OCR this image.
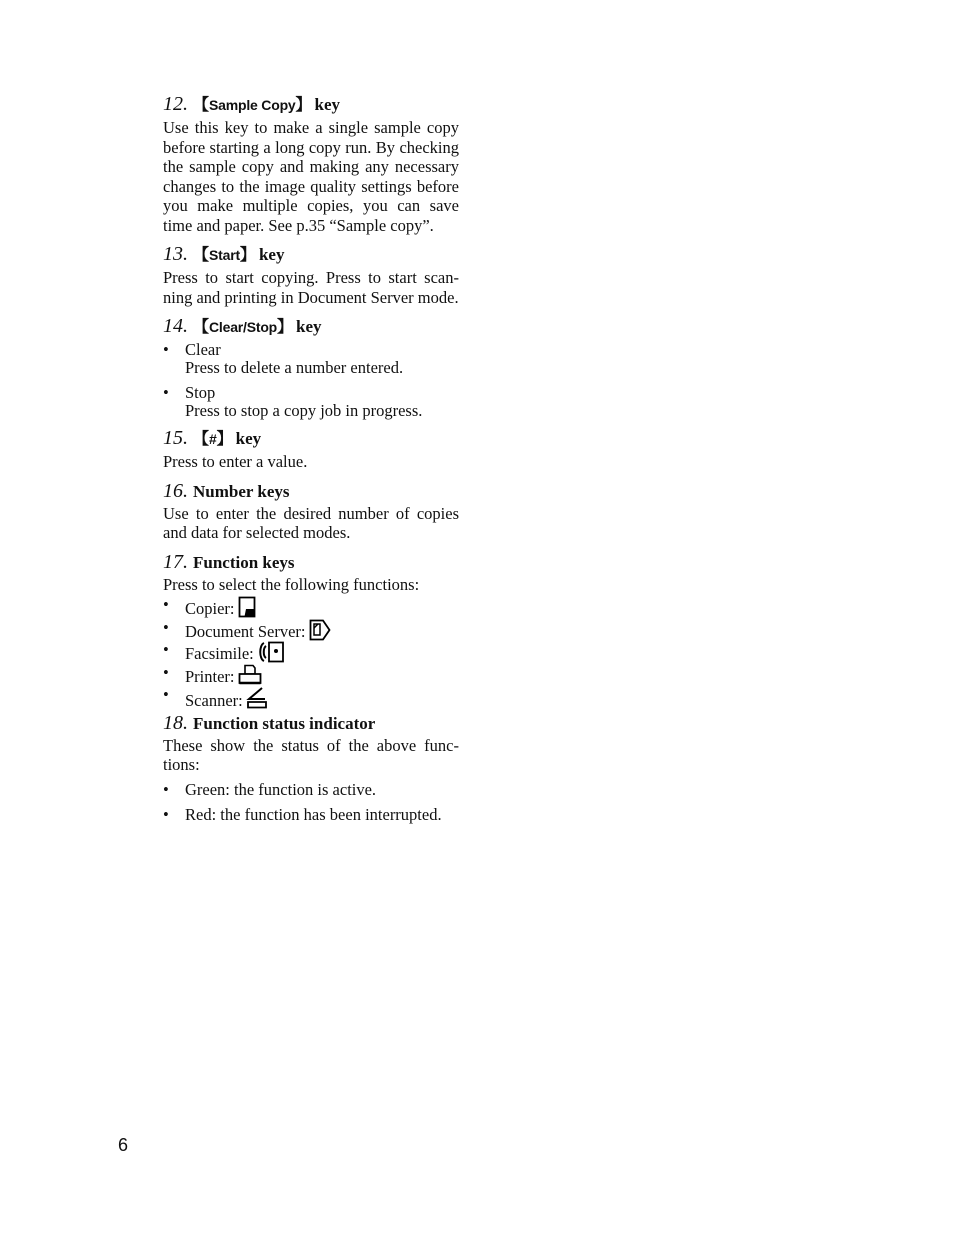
12. 【Sample Copy】 key

Use this key to make a single sample copy before starting a long copy run. By checking the sample copy and making any necessary changes to the image quality settings before you make multiple copies, you can save time and paper. See p.35 “Sample copy”.

13. 【Start】 key

Press to start copying. Press to start scanning and printing in Document Server mode.

14. 【Clear/Stop】 key
• Clear
Press to delete a number entered.
• Stop
Press to stop a copy job in progress.
15. 【#】 key

Press to enter a value.

16. Number keys

Use to enter the desired number of copies and data for selected modes.

17. Function keys

Press to select the following functions:

• Copier:
• Document Server:
• Facsimile:
• Printer:
• Scanner:
18. Function status indicator

These show the status of the above functions:

• Green: the function is active.
• Red: the function has been interrupted.
6
